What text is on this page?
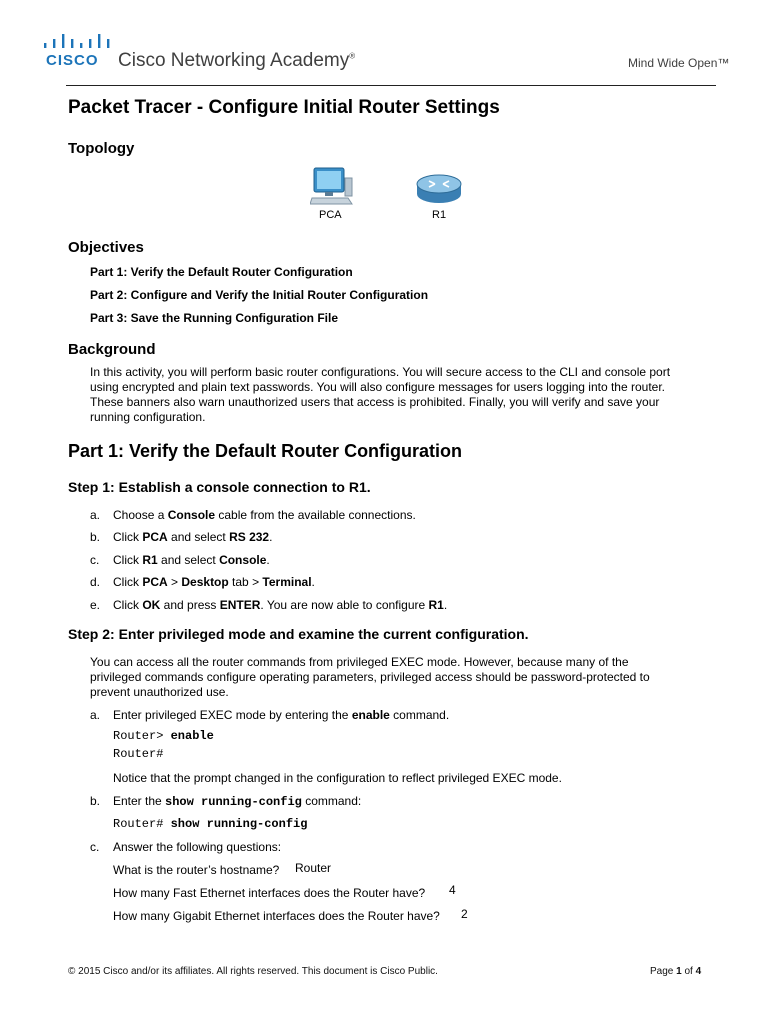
CISCO Cisco Networking Academy®	Mind Wide Open™
Packet Tracer - Configure Initial Router Settings
Topology
PCA	R1
Objectives
Part 1: Verify the Default Router Configuration
Part 2: Configure and Verify the Initial Router Configuration
Part 3: Save the Running Configuration File
Background
In this activity, you will perform basic router configurations. You will secure access to the CLI and console port
using encrypted and plain text passwords. You will also configure messages for users logging into the router.
These banners also warn unauthorized users that access is prohibited. Finally, you will verify and save your
running configuration.
Part 1: Verify the Default Router Configuration
Step 1: Establish a console connection to R1.
a. Choose a Console cable from the available connections.
b. Click PCA and select RS 232.
c. Click R1 and select Console.
d. Click PCA > Desktop tab > Terminal.
e. Click OK and press ENTER. You are now able to configure R1.
Step 2: Enter privileged mode and examine the current configuration.
You can access all the router commands from privileged EXEC mode. However, because many of the
privileged commands configure operating parameters, privileged access should be password-protected to
prevent unauthorized use.
a. Enter privileged EXEC mode by entering the enable command.
Router> enable
Router#
Notice that the prompt changed in the configuration to reflect privileged EXEC mode.
b. Enter the show running-config command:
Router# show running-config
c. Answer the following questions:
What is the router’s hostname? Router
How many Fast Ethernet interfaces does the Router have? 4
How many Gigabit Ethernet interfaces does the Router have? 2
© 2015 Cisco and/or its affiliates. All rights reserved. This document is Cisco Public.	Page 1 of 4
